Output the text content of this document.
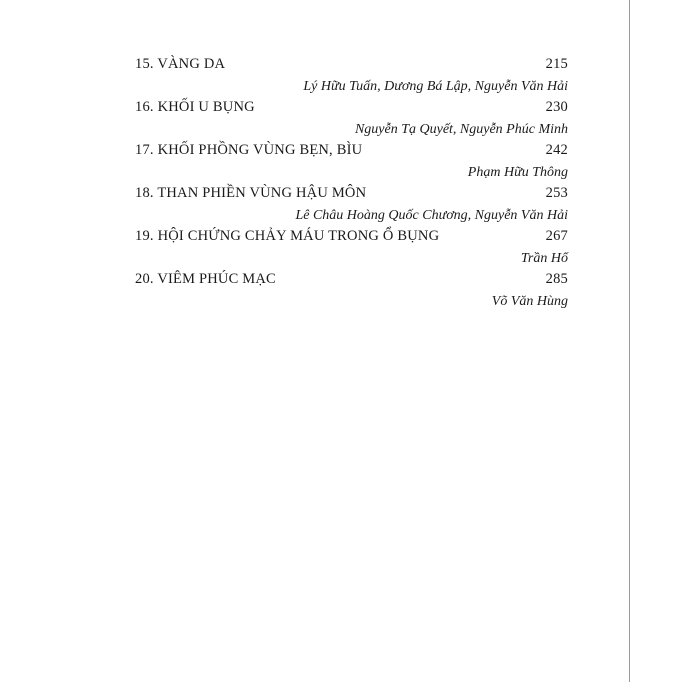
15. VÀNG DA	215
Lý Hữu Tuấn, Dương Bá Lập, Nguyễn Văn Hải
16. KHỐI U BỤNG	230
Nguyễn Tạ Quyết, Nguyễn Phúc Minh
17. KHỐI PHỒNG VÙNG BẸN, BÌU	242
Phạm Hữu Thông
18. THAN PHIỀN VÙNG HẬU MÔN	253
Lê Châu Hoàng Quốc Chương, Nguyễn Văn Hải
19. HỘI CHỨNG CHẢY MÁU TRONG Ổ BỤNG	267
Trần Hổ
20. VIÊM PHÚC MẠC	285
Võ Văn Hùng
